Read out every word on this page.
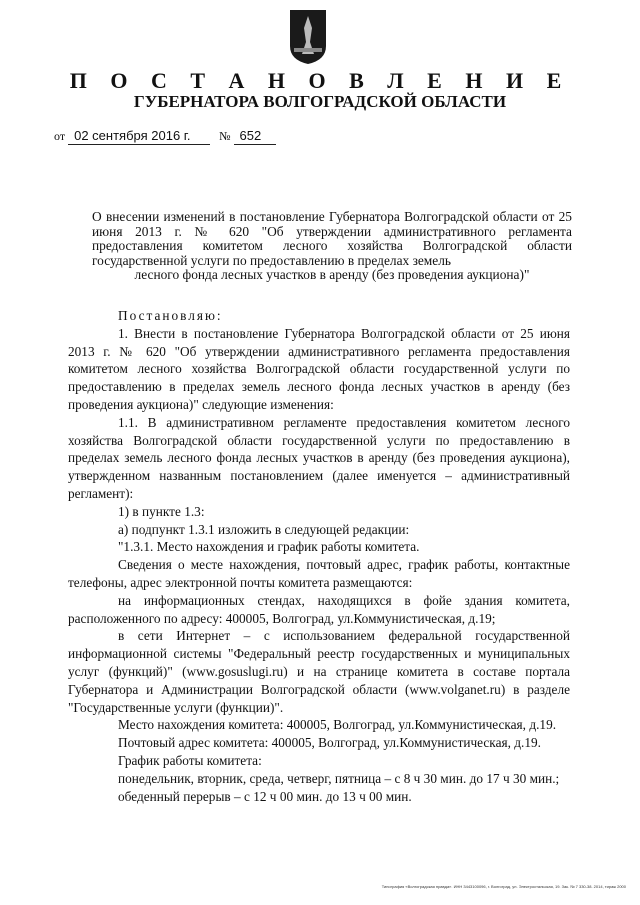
П О С Т А Н О В Л Е Н И Е
ГУБЕРНАТОРА ВОЛГОГРАДСКОЙ ОБЛАСТИ
от 02 сентября 2016 г. № 652

О внесении изменений в постановление Губернатора Волгоградской области от 25 июня 2013 г. № 620 "Об утверждении административного регламента предоставления комитетом лесного хозяйства Волгоградской области государственной услуги по предоставлению в пределах земель

лесного фонда лесных участков в аренду (без проведения аукциона)"

Постановляю:

1. Внести в постановление Губернатора Волгоградской области от 25 июня 2013 г. № 620 "Об утверждении административного регламента предоставления комитетом лесного хозяйства Волгоградской области государственной услуги по предоставлению в пределах земель лесного фонда лесных участков в аренду (без проведения аукциона)" следующие изменения:

1.1. В административном регламенте предоставления комитетом лесного хозяйства Волгоградской области государственной услуги по предоставлению в пределах земель лесного фонда лесных участков в аренду (без проведения аукциона), утвержденном названным постановлением (далее именуется – административный регламент):

1) в пункте 1.3:

а) подпункт 1.3.1 изложить в следующей редакции:

"1.3.1. Место нахождения и график работы комитета.

Сведения о месте нахождения, почтовый адрес, график работы, контактные телефоны, адрес электронной почты комитета размещаются:

на информационных стендах, находящихся в фойе здания комитета, расположенного по адресу: 400005, Волгоград, ул.Коммунистическая, д.19;

в сети Интернет – с использованием федеральной государственной информационной системы "Федеральный реестр государственных и муниципальных услуг (функций)" (www.gosuslugi.ru) и на странице комитета в составе портала Губернатора и Администрации Волгоградской области (www.volganet.ru) в разделе "Государственные услуги (функции)".

Место нахождения комитета: 400005, Волгоград, ул.Коммунистическая, д.19.

Почтовый адрес комитета: 400005, Волгоград, ул.Коммунистическая, д.19.

График работы комитета:

понедельник, вторник, среда, четверг, пятница – с 8 ч 30 мин. до 17 ч 30 мин.;

обеденный перерыв – с 12 ч 00 мин. до 13 ч 00 мин.

Типография «Волгоградская правда». ИНН 3443100096, г. Волгоград, ул. Электростальская, 19. Зак. № 7 330-38. 2014, тираж 2000
